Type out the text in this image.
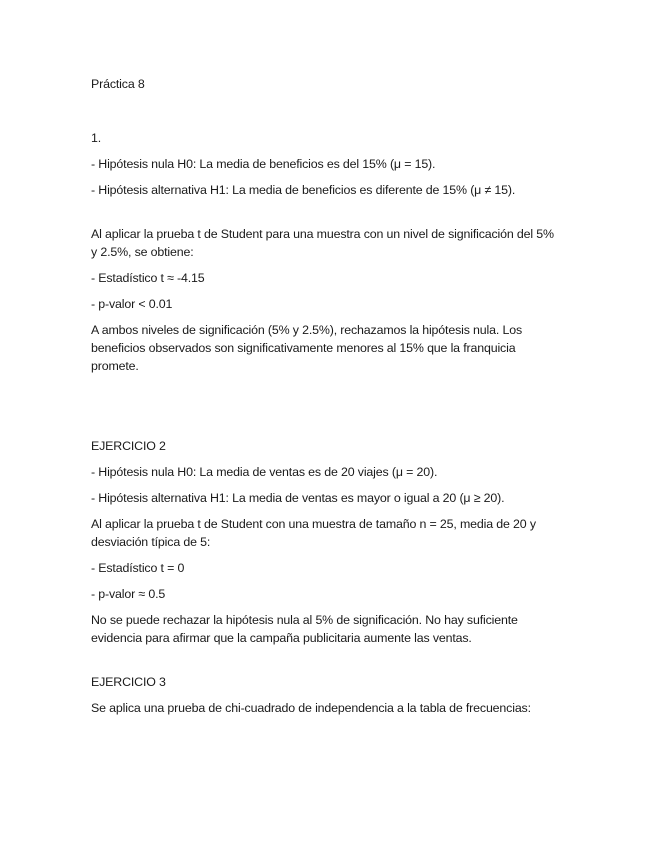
Práctica 8

1.

- Hipótesis nula H0: La media de beneficios es del 15% (μ = 15).

- Hipótesis alternativa H1: La media de beneficios es diferente de 15% (μ ≠ 15).

Al aplicar la prueba t de Student para una muestra con un nivel de significación del 5% y 2.5%, se obtiene:

- Estadístico t ≈ -4.15

- p-valor < 0.01

A ambos niveles de significación (5% y 2.5%), rechazamos la hipótesis nula. Los beneficios observados son significativamente menores al 15% que la franquicia promete.

EJERCICIO 2

- Hipótesis nula H0: La media de ventas es de 20 viajes (μ = 20).

- Hipótesis alternativa H1: La media de ventas es mayor o igual a 20 (μ ≥ 20).

Al aplicar la prueba t de Student con una muestra de tamaño n = 25, media de 20 y desviación típica de 5:

- Estadístico t = 0

- p-valor ≈ 0.5

No se puede rechazar la hipótesis nula al 5% de significación. No hay suficiente evidencia para afirmar que la campaña publicitaria aumente las ventas.

EJERCICIO 3

Se aplica una prueba de chi-cuadrado de independencia a la tabla de frecuencias:
